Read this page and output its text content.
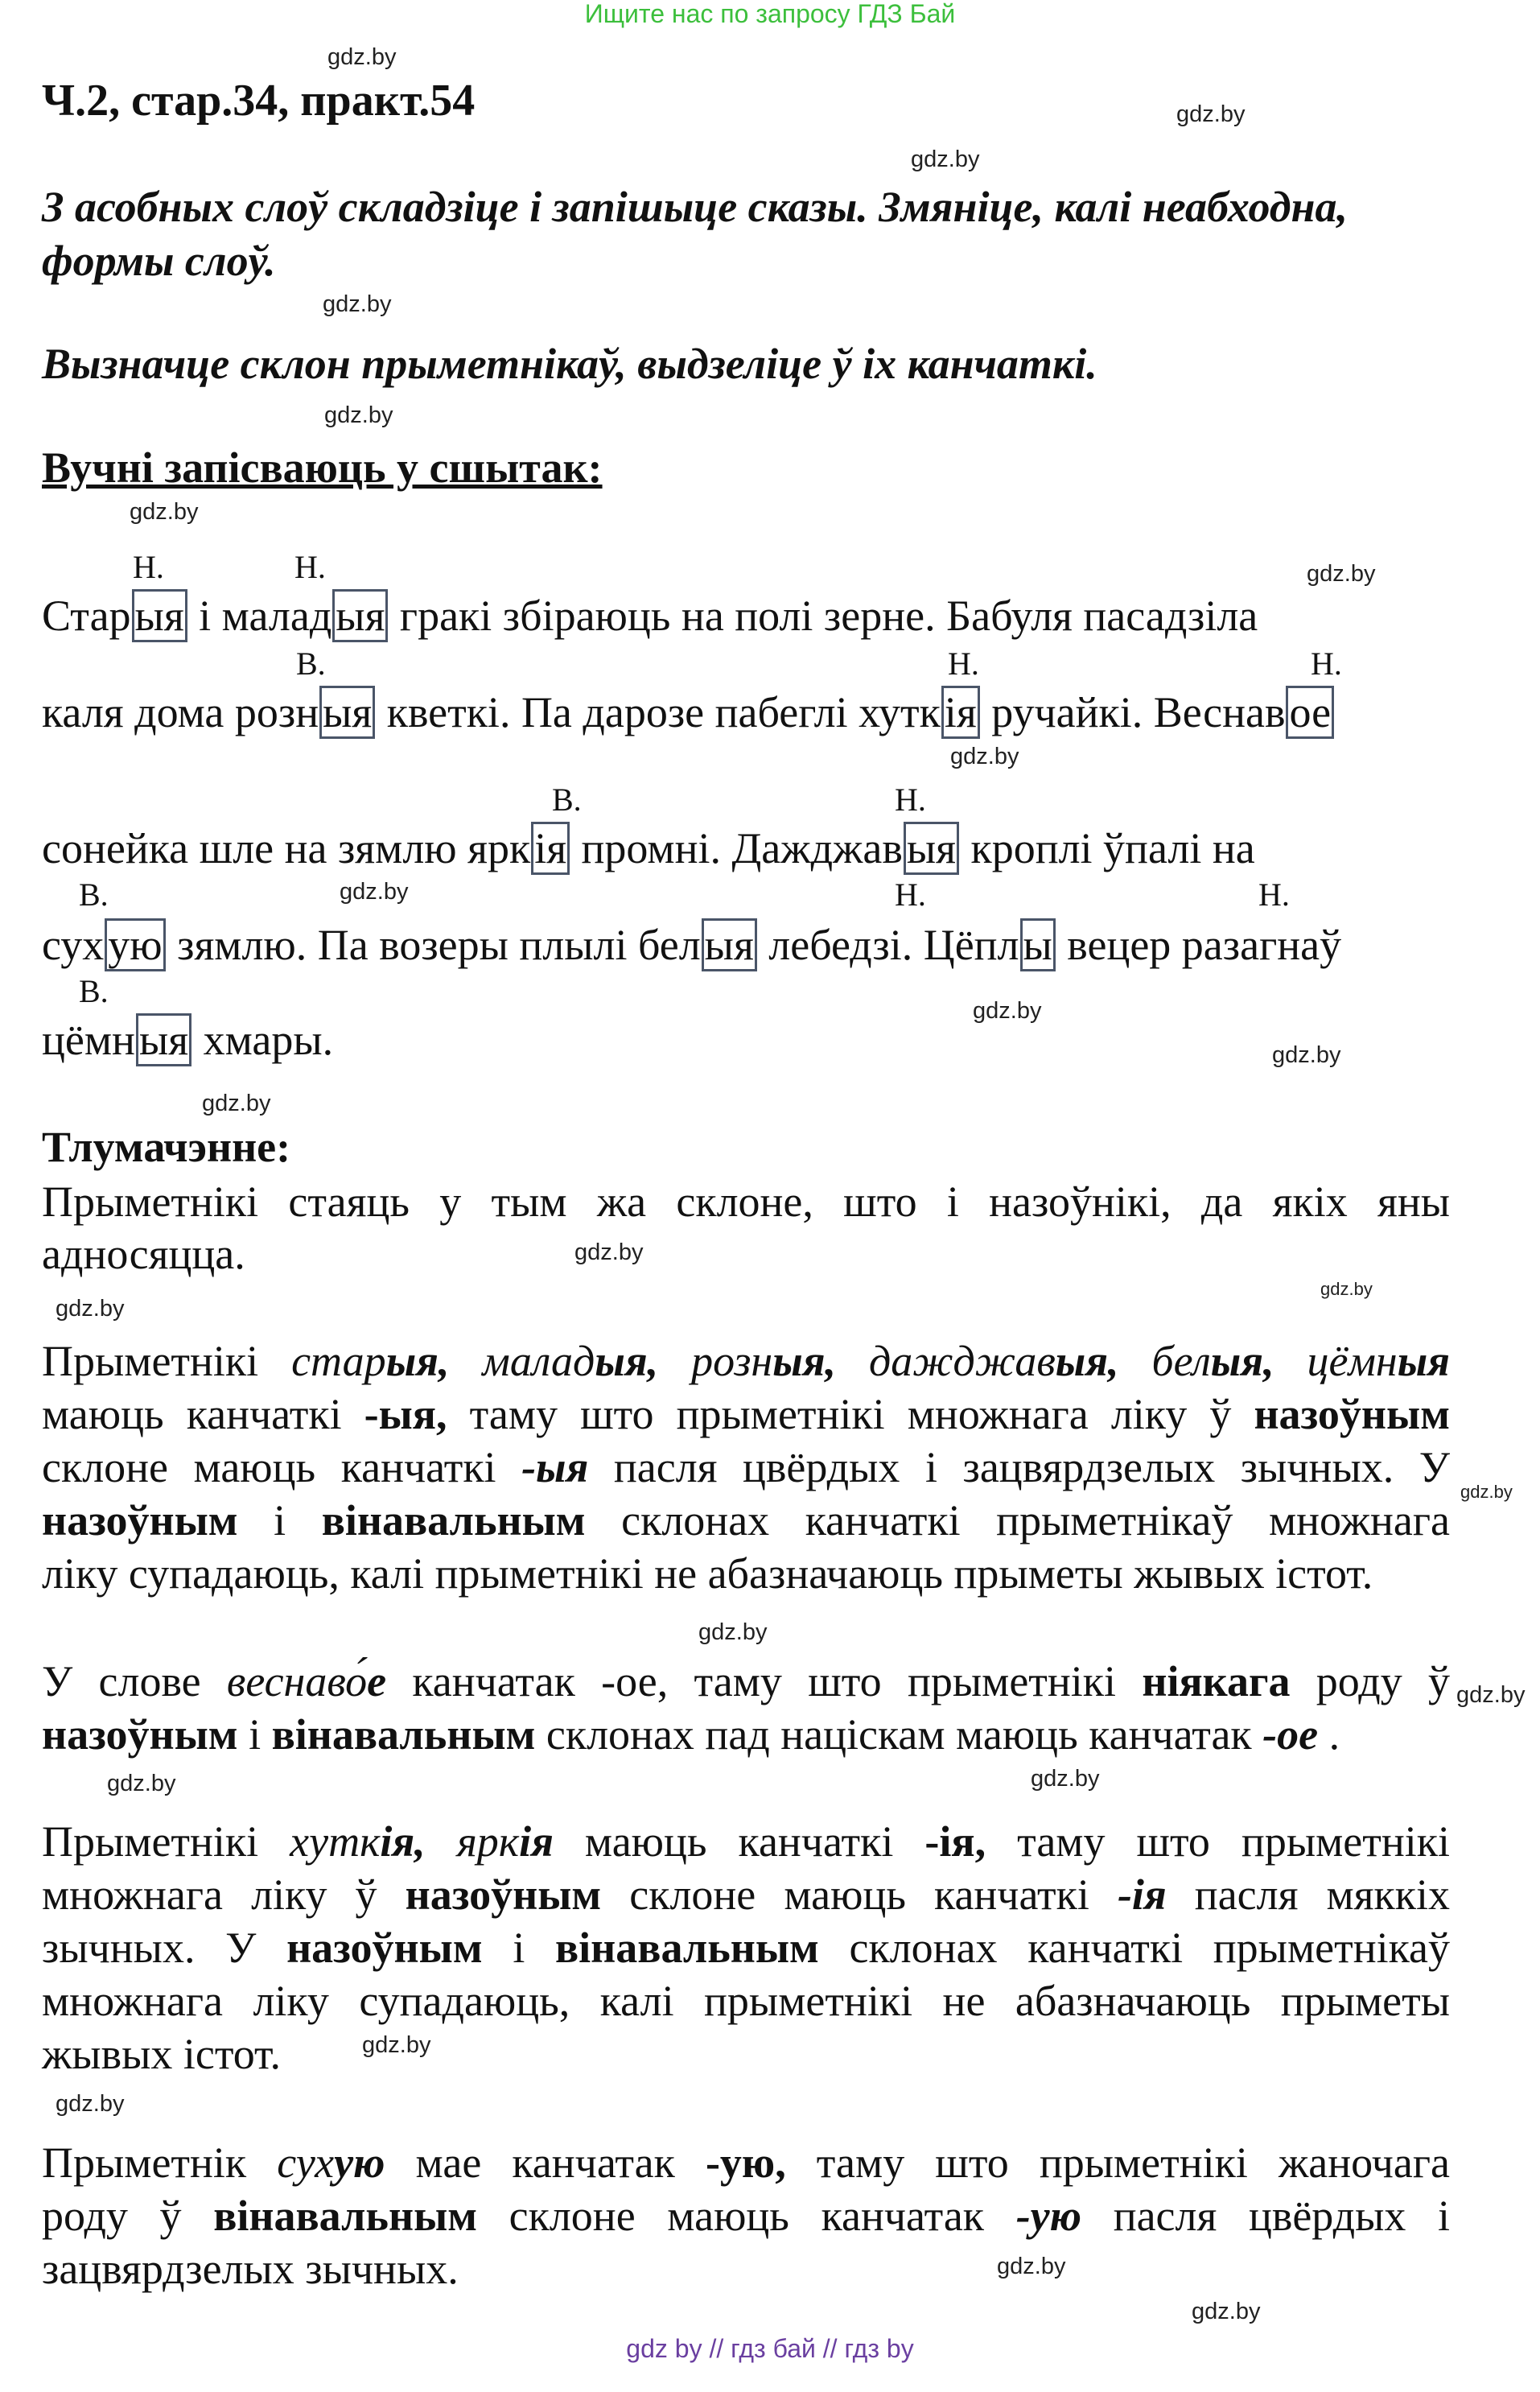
Ищите нас по запросу ГДЗ Бай
Ч.2, стар.34, практ.54
З асобных слоў складзіце і запішыце сказы. Змяніце, калі неабходна,
формы слоў.
Вызначце склон прыметнікаў, выдзеліце ў іх канчаткі.
Вучні запісваюць у сшытак:
Н.	Н.
В.	Н.	Н.
В.	Н.
В.	Н.	Н.
В.
Старыя і маладыя гракі збіраюць на полі зерне. Бабуля пасадзіла
каля дома розныя кветкі. Па дарозе пабеглі хуткія ручайкі. Веснавое
сонейка шле на зямлю яркія промні. Дажджавыя кроплі ўпалі на
сухую зямлю. Па возеры плылі белыя лебедзі. Цёплы вецер разагнаў
цёмныя хмары.
Тлумачэнне:
Прыметнікі стаяць у тым жа склоне, што і назоўнікі, да якіх яны
адносяцца.
Прыметнікі старыя, маладыя, розныя, дажджавыя, белыя, цёмныя
маюць канчаткі -ыя, таму што прыметнікі множнага ліку ў назоўным
склоне маюць канчаткі -ыя пасля цвёрдых і зацвярдзелых зычных. У
назоўным і вінавальным склонах канчаткі прыметнікаў множнага
ліку супадаюць, калі прыметнікі не абазначаюць прыметы жывых істот.
У слове веснаво́е канчатак -ое, таму што прыметнікі ніякага роду ў
назоўным і вінавальным склонах пад націскам маюць канчатак -ое .
Прыметнікі хуткія, яркія маюць канчаткі -ія, таму што прыметнікі
множнага ліку ў назоўным склоне маюць канчаткі -ія пасля мяккіх
зычных. У назоўным і вінавальным склонах канчаткі прыметнікаў
множнага ліку супадаюць, калі прыметнікі не абазначаюць прыметы
жывых істот.
Прыметнік сухую мае канчатак -ую, таму што прыметнікі жаночага
роду ў вінавальным склоне маюць канчатак -ую пасля цвёрдых і
зацвярдзелых зычных.
gdz.by
gdz.by
gdz.by
gdz.by
gdz.by
gdz.by
gdz.by
gdz.by
gdz.by
gdz.by
gdz.by
gdz.by
gdz.by
gdz.by
gdz.by
gdz.by
gdz.by
gdz.by
gdz.by
gdz.by
gdz.by
gdz.by
gdz.by
gdz.by
gdz by // гдз бай // гдз by
